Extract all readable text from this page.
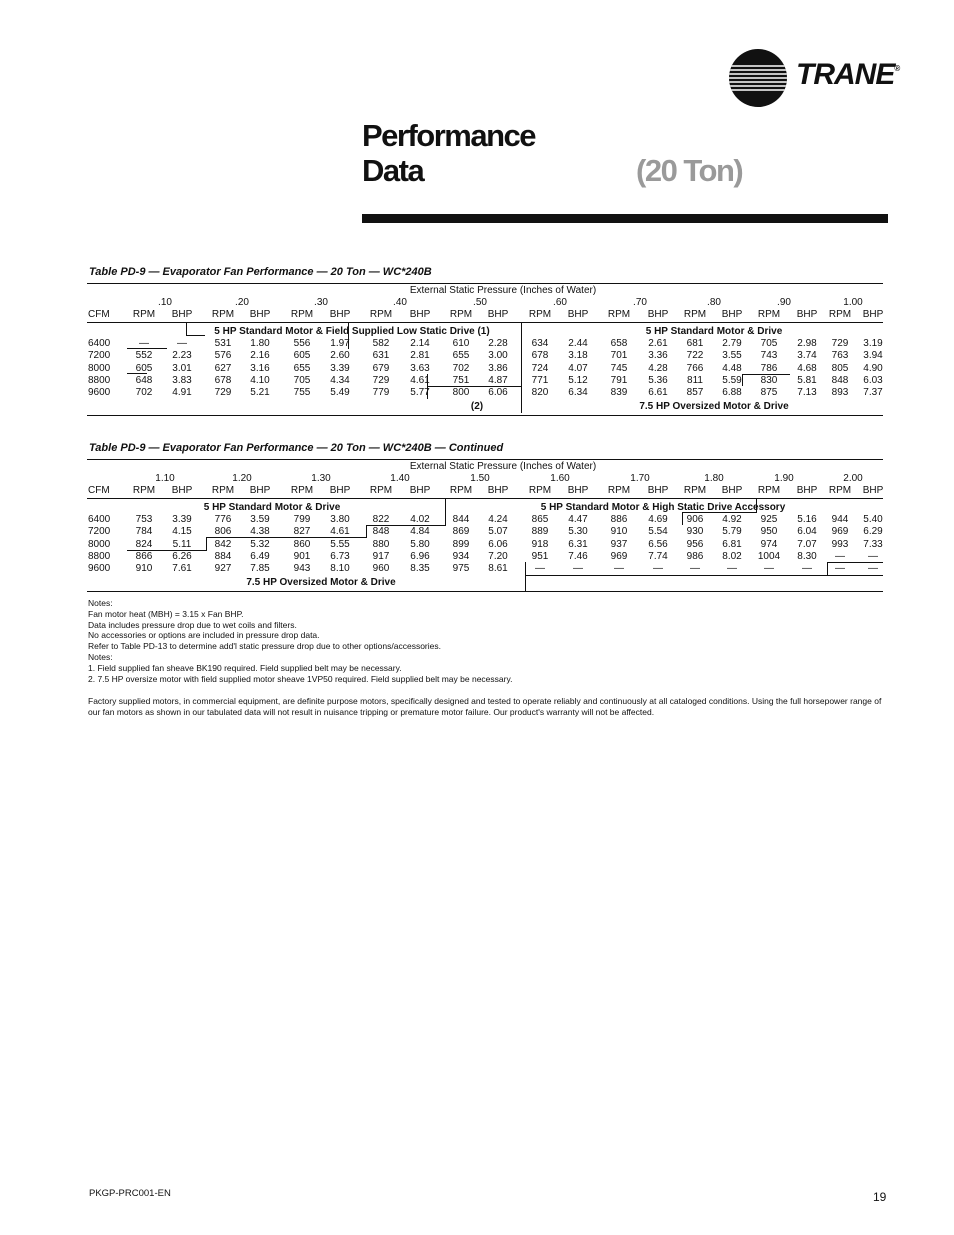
TRANE®
Performance
Data	(20 Ton)
Table PD-9 — Evaporator Fan Performance — 20 Ton — WC*240B
External Static Pressure (Inches of Water)
5 HP Standard Motor & Field Supplied Low Static Drive (1)	5 HP Standard Motor & Drive
(2)	7.5 HP Oversized Motor & Drive
.10	.20	.30	.40	.50	.60	.70	.80	.90	1.00
CFM RPM BHP RPM BHP RPM BHP RPM BHP RPM BHP RPM BHP RPM BHP RPM BHP RPM BHP RPM BHP
6400	—	—	531 1.80 556 1.97 582 2.14 610 2.28 634 2.44 658 2.61 681 2.79 705 2.98 729 3.19
7200	552 2.23 576 2.16 605 2.60 631 2.81 655 3.00 678 3.18 701 3.36 722 3.55 743 3.74 763 3.94
8000	605 3.01 627 3.16 655 3.39 679 3.63 702 3.86 724 4.07 745 4.28 766 4.48 786 4.68 805 4.90
8800	648 3.83 678 4.10 705 4.34 729 4.61 751 4.87 771 5.12 791 5.36 811 5.59 830 5.81 848 6.03
9600	702 4.91 729 5.21 755 5.49 779 5.77 800 6.06 820 6.34 839 6.61 857 6.88 875 7.13 893 7.37
Table PD-9 — Evaporator Fan Performance — 20 Ton — WC*240B — Continued
External Static Pressure (Inches of Water)
5 HP Standard Motor & Drive	5 HP Standard Motor & High Static Drive Accessory
7.5 HP Oversized Motor & Drive
1.10	1.20	1.30	1.40	1.50	1.60	1.70	1.80	1.90	2.00
CFM RPM BHP RPM BHP RPM BHP RPM BHP RPM BHP RPM BHP RPM BHP RPM BHP RPM BHP RPM BHP
6400	753 3.39 776 3.59 799 3.80 822 4.02 844 4.24 865 4.47 886 4.69 906 4.92 925 5.16 944 5.40
7200	784 4.15 806 4.38 827 4.61 848 4.84 869 5.07 889 5.30 910 5.54 930 5.79 950 6.04 969 6.29
8000	824 5.11 842 5.32 860 5.55 880 5.80 899 6.06 918 6.31 937 6.56 956 6.81 974 7.07 993 7.33
8800	866 6.26 884 6.49 901 6.73 917 6.96 934 7.20 951 7.46 969 7.74 986 8.02 1004 8.30 — —
9600	910 7.61 927 7.85 943 8.10 960 8.35 975 8.61	—	—	—	—	—	—	—	— — —
Notes:
Fan motor heat (MBH) = 3.15 x Fan BHP.
Data includes pressure drop due to wet coils and filters.
No accessories or options are included in pressure drop data.
Refer to Table PD-13 to determine add'l static pressure drop due to other options/accessories.
Notes:
1. Field supplied fan sheave BK190 required. Field supplied belt may be necessary.
2. 7.5 HP oversize motor with field supplied motor sheave 1VP50 required. Field supplied belt may be necessary.
Factory supplied motors, in commercial equipment, are definite purpose motors, specifically designed and tested to operate reliably and continuously at all cataloged conditions. Using the full horsepower range of our fan motors as shown in our tabulated data will not result in nuisance tripping or premature motor failure. Our product's warranty will not be affected.
PKGP-PRC001-EN	19
